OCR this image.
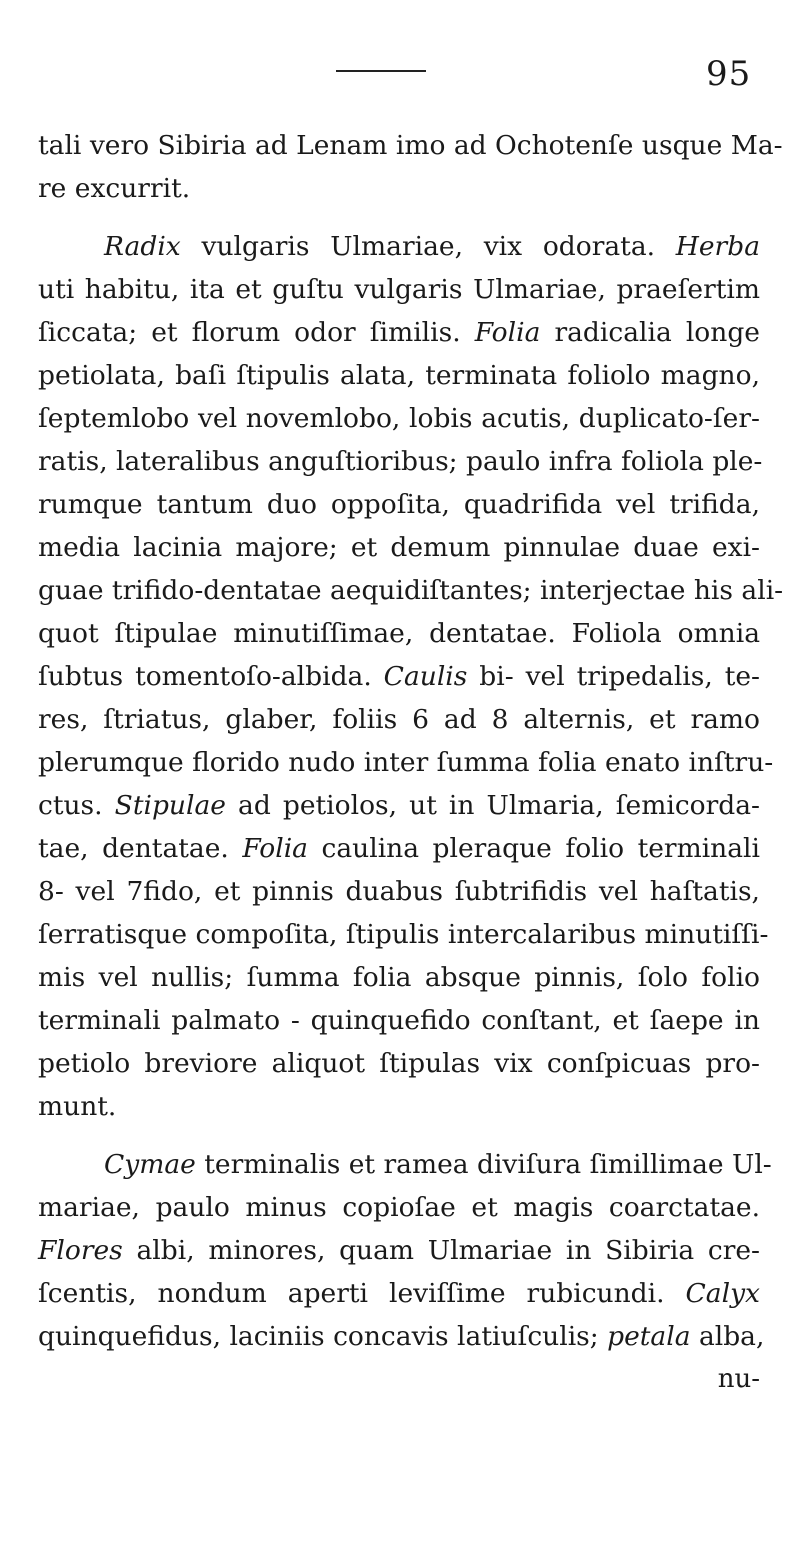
95
tali vero Sibiria ad Lenam imo ad Ochotenſe usque Ma-
re excurrit.
Radix vulgaris Ulmariae, vix odorata. Herba
uti habitu, ita et guſtu vulgaris Ulmariae, praeſertim
ſiccata; et florum odor ſimilis. Folia radicalia longe
petiolata, baſi ſtipulis alata, terminata foliolo magno,
ſeptemlobo vel novemlobo, lobis acutis, duplicato-ſer-
ratis, lateralibus anguſtioribus; paulo infra foliola ple-
rumque tantum duo oppoſita, quadrifida vel trifida,
media lacinia majore; et demum pinnulae duae exi-
guae trifido-dentatae aequidiſtantes; interjectae his ali-
quot ſtipulae minutiſſimae, dentatae. Foliola omnia
ſubtus tomentoſo-albida. Caulis bi- vel tripedalis, te-
res, ſtriatus, glaber, foliis 6 ad 8 alternis, et ramo
plerumque florido nudo inter ſumma folia enato inſtru-
ctus. Stipulae ad petiolos, ut in Ulmaria, ſemicorda-
tae, dentatae. Folia caulina pleraque folio terminali
8- vel 7fido, et pinnis duabus ſubtrifidis vel haſtatis,
ſerratisque compoſita, ſtipulis intercalaribus minutiſſi-
mis vel nullis; ſumma folia absque pinnis, ſolo folio
terminali palmato - quinquefido conſtant, et ſaepe in
petiolo breviore aliquot ſtipulas vix conſpicuas pro-
munt.
Cymae terminalis et ramea diviſura ſimillimae Ul-
mariae, paulo minus copioſae et magis coarctatae.
Flores albi, minores, quam Ulmariae in Sibiria cre-
ſcentis, nondum aperti leviſſime rubicundi. Calyx
quinquefidus, laciniis concavis latiuſculis; petala alba,
nu-
